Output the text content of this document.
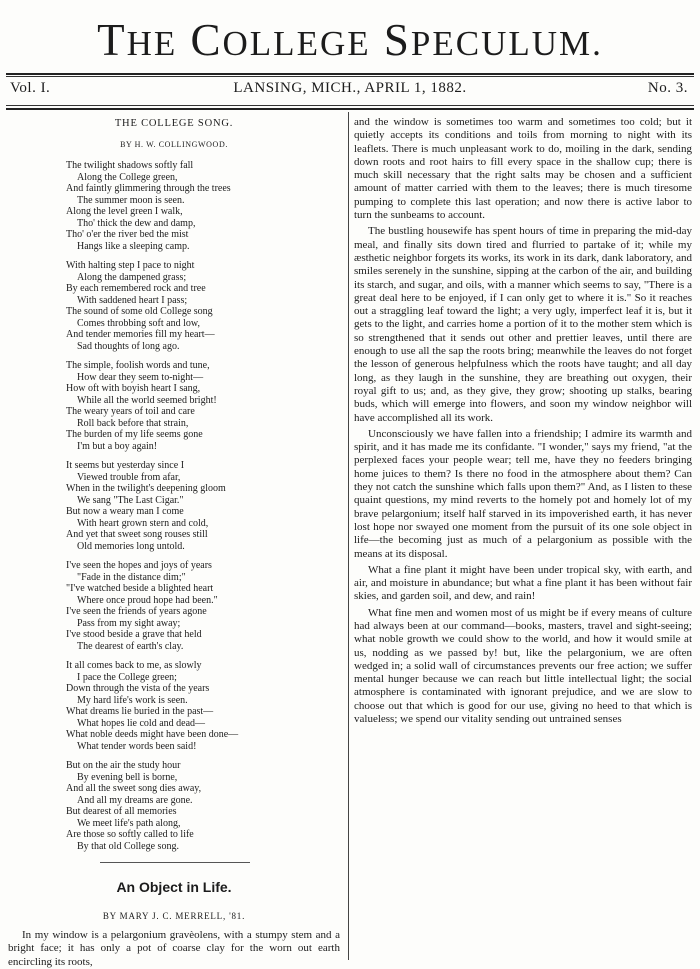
THE COLLEGE SPECULUM.
Vol. I.	LANSING, MICH., APRIL 1, 1882.	No. 3.
THE COLLEGE SONG.
BY H. W. COLLINGWOOD.
The twilight shadows softly fall
Along the College green,
And faintly glimmering through the trees
The summer moon is seen.
Along the level green I walk,
Tho' thick the dew and damp,
Tho' o'er the river bed the mist
Hangs like a sleeping camp.
With halting step I pace to night
Along the dampened grass;
By each remembered rock and tree
With saddened heart I pass;
The sound of some old College song
Comes throbbing soft and low,
And tender memories fill my heart—
Sad thoughts of long ago.
The simple, foolish words and tune,
How dear they seem to-night—
How oft with boyish heart I sang,
While all the world seemed bright!
The weary years of toil and care
Roll back before that strain,
The burden of my life seems gone
I'm but a boy again!
It seems but yesterday since I
Viewed trouble from afar,
When in the twilight's deepening gloom
We sang "The Last Cigar."
But now a weary man I come
With heart grown stern and cold,
And yet that sweet song rouses still
Old memories long untold.
I've seen the hopes and joys of years
"Fade in the distance dim;"
"I've watched beside a blighted heart
Where once proud hope had been."
I've seen the friends of years agone
Pass from my sight away;
I've stood beside a grave that held
The dearest of earth's clay.
It all comes back to me, as slowly
I pace the College green;
Down through the vista of the years
My hard life's work is seen.
What dreams lie buried in the past—
What hopes lie cold and dead—
What noble deeds might have been done—
What tender words been said!
But on the air the study hour
By evening bell is borne,
And all the sweet song dies away,
And all my dreams are gone.
But dearest of all memories
We meet life's path along,
Are those so softly called to life
By that old College song.
An Object in Life.
BY MARY J. C. MERRELL, '81.

In my window is a pelargonium gravèolens, with a stumpy stem and a bright face; it has only a pot of coarse clay for the worn out earth encircling its roots,

and the window is sometimes too warm and sometimes too cold; but it quietly accepts its conditions and toils from morning to night with its leaflets. There is much unpleasant work to do, moiling in the dark, sending down roots and root hairs to fill every space in the shallow cup; there is much skill necessary that the right salts may be chosen and a sufficient amount of matter carried with them to the leaves; there is much tiresome pumping to complete this last operation; and now there is active labor to turn the sunbeams to account.

The bustling housewife has spent hours of time in preparing the mid-day meal, and finally sits down tired and flurried to partake of it; while my æsthetic neighbor forgets its works, its work in its dark, dank laboratory, and smiles serenely in the sunshine, sipping at the carbon of the air, and building its starch, and sugar, and oils, with a manner which seems to say, "There is a great deal here to be enjoyed, if I can only get to where it is." So it reaches out a straggling leaf toward the light; a very ugly, imperfect leaf it is, but it gets to the light, and carries home a portion of it to the mother stem which is so strengthened that it sends out other and prettier leaves, until there are enough to use all the sap the roots bring; meanwhile the leaves do not forget the lesson of generous helpfulness which the roots have taught; and all day long, as they laugh in the sunshine, they are breathing out oxygen, their royal gift to us; and, as they give, they grow; shooting up stalks, bearing buds, which will emerge into flowers, and soon my window neighbor will have accomplished all its work.

Unconsciously we have fallen into a friendship; I admire its warmth and spirit, and it has made me its confidante. "I wonder," says my friend, "at the perplexed faces your people wear; tell me, have they no feeders bringing home juices to them? Is there no food in the atmosphere about them? Can they not catch the sunshine which falls upon them?" And, as I listen to these quaint questions, my mind reverts to the homely pot and homely lot of my brave pelargonium; itself half starved in its impoverished earth, it has never lost hope nor swayed one moment from the pursuit of its one sole object in life—the becoming just as much of a pelargonium as possible with the means at its disposal.

What a fine plant it might have been under tropical sky, with earth, and air, and moisture in abundance; but what a fine plant it has been without fair skies, and garden soil, and dew, and rain!

What fine men and women most of us might be if every means of culture had always been at our command—books, masters, travel and sight-seeing; what noble growth we could show to the world, and how it would smile at us, nodding as we passed by! but, like the pelargonium, we are often wedged in; a solid wall of circumstances prevents our free action; we suffer mental hunger because we can reach but little intellectual light; the social atmosphere is contaminated with ignorant prejudice, and we are slow to choose out that which is good for our use, giving no heed to that which is valueless; we spend our vitality sending out untrained senses
